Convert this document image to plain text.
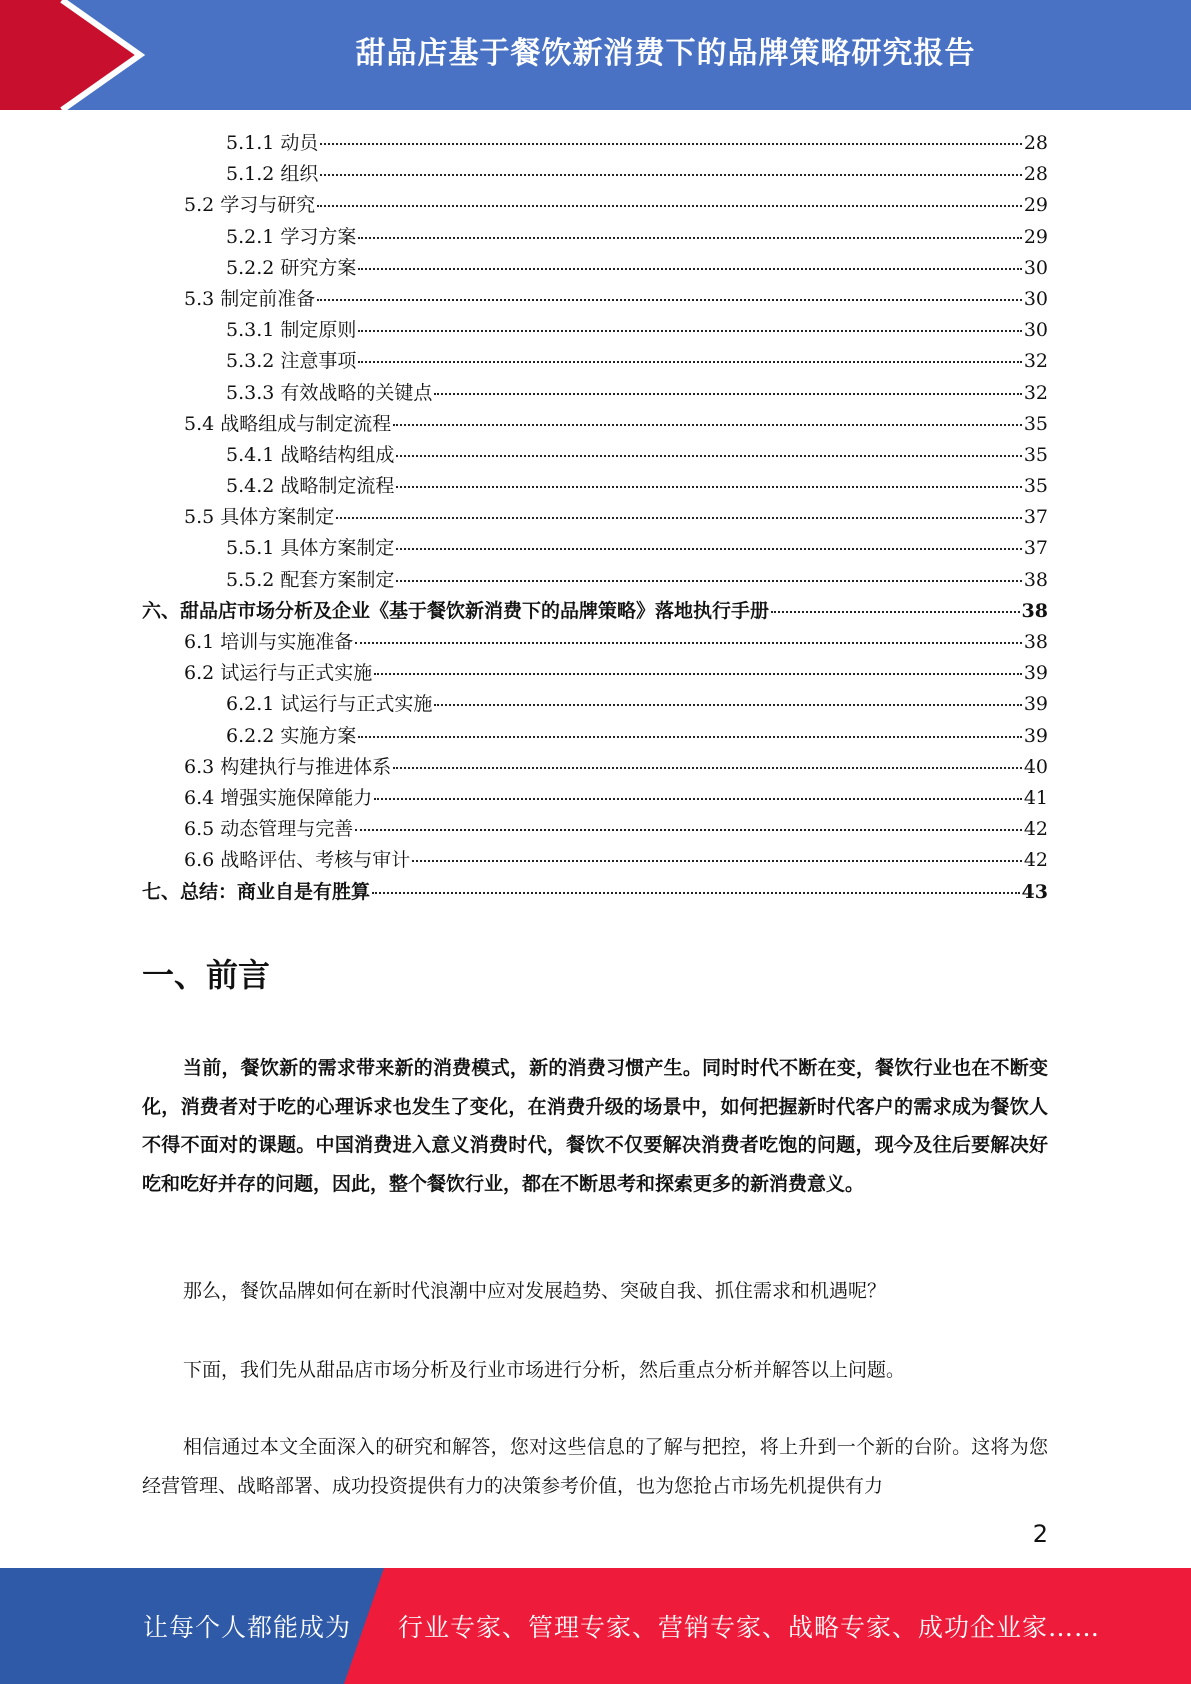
甜品店基于餐饮新消费下的品牌策略研究报告
5.1.1 动员	28
5.1.2 组织	28
5.2 学习与研究	29
5.2.1 学习方案	29
5.2.2 研究方案	30
5.3 制定前准备	30
5.3.1 制定原则	30
5.3.2 注意事项	32
5.3.3 有效战略的关键点	32
5.4 战略组成与制定流程	35
5.4.1 战略结构组成	35
5.4.2 战略制定流程	35
5.5 具体方案制定	37
5.5.1 具体方案制定	37
5.5.2 配套方案制定	38
六、甜品店市场分析及企业《基于餐饮新消费下的品牌策略》落地执行手册	38
6.1 培训与实施准备	38
6.2 试运行与正式实施	39
6.2.1 试运行与正式实施	39
6.2.2 实施方案	39
6.3 构建执行与推进体系	40
6.4 增强实施保障能力	41
6.5 动态管理与完善	42
6.6 战略评估、考核与审计	42
七、总结：商业自是有胜算	43
一、前言

当前，餐饮新的需求带来新的消费模式，新的消费习惯产生。同时时代不断在变，餐饮行业也在不断变化，消费者对于吃的心理诉求也发生了变化，在消费升级的场景中，如何把握新时代客户的需求成为餐饮人不得不面对的课题。中国消费进入意义消费时代，餐饮不仅要解决消费者吃饱的问题，现今及往后要解决好吃和吃好并存的问题，因此，整个餐饮行业，都在不断思考和探索更多的新消费意义。

那么，餐饮品牌如何在新时代浪潮中应对发展趋势、突破自我、抓住需求和机遇呢？

下面，我们先从甜品店市场分析及行业市场进行分析，然后重点分析并解答以上问题。

相信通过本文全面深入的研究和解答，您对这些信息的了解与把控，将上升到一个新的台阶。这将为您经营管理、战略部署、成功投资提供有力的决策参考价值，也为您抢占市场先机提供有力

2
让每个人都能成为 行业专家、管理专家、营销专家、战略专家、成功企业家……
